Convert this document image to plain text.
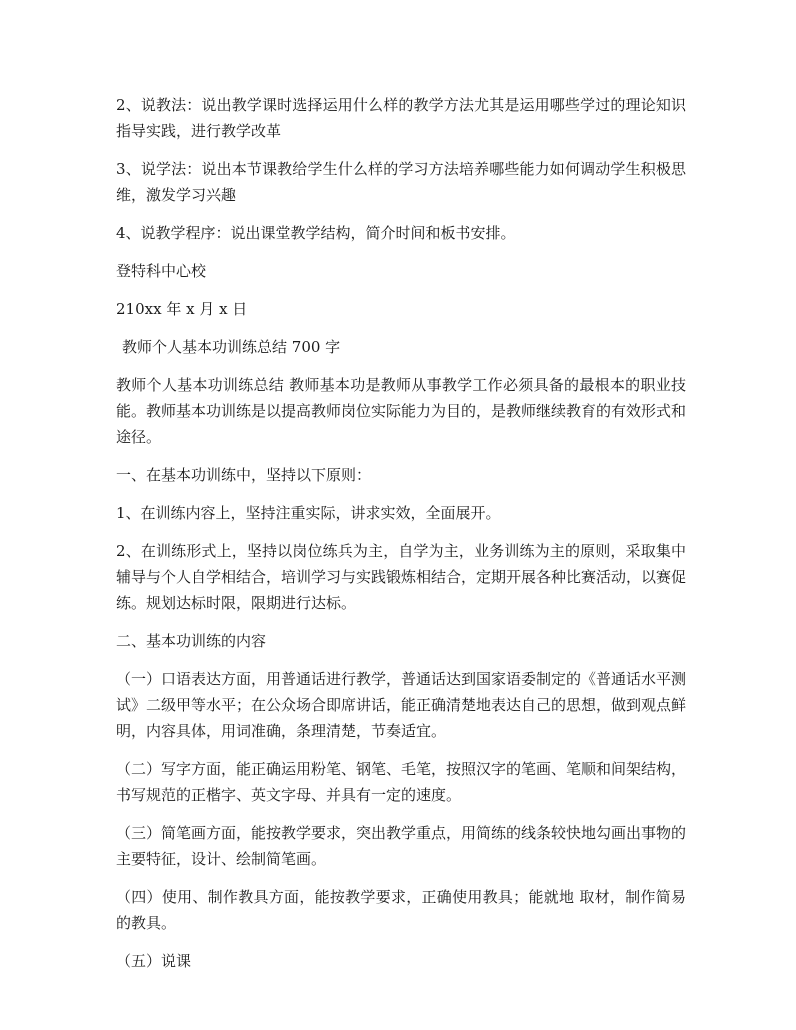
2、说教法：说出教学课时选择运用什么样的教学方法尤其是运用哪些学过的理论知识指导实践，进行教学改革

3、说学法：说出本节课教给学生什么样的学习方法培养哪些能力如何调动学生积极思维，激发学习兴趣

4、说教学程序：说出课堂教学结构，简介时间和板书安排。

登特科中心校

210xx 年 x 月 x 日

教师个人基本功训练总结 700 字

教师个人基本功训练总结 教师基本功是教师从事教学工作必须具备的最根本的职业技 能。教师基本功训练是以提高教师岗位实际能力为目的，是教师继续教育的有效形式和途径。

一、在基本功训练中，坚持以下原则：

1、在训练内容上，坚持注重实际，讲求实效，全面展开。

2、在训练形式上，坚持以岗位练兵为主，自学为主，业务训练为主的原则，采取集中辅导与个人自学相结合，培训学习与实践锻炼相结合，定期开展各种比赛活动，以赛促练。规划达标时限，限期进行达标。

二、基本功训练的内容

（一）口语表达方面，用普通话进行教学，普通话达到国家语委制定的《普通话水平测试》二级甲等水平；在公众场合即席讲话，能正确清楚地表达自己的思想，做到观点鲜明，内容具体，用词准确，条理清楚，节奏适宜。

（二）写字方面，能正确运用粉笔、钢笔、毛笔，按照汉字的笔画、笔顺和间架结构，书写规范的正楷字、英文字母、并具有一定的速度。

（三）简笔画方面，能按教学要求，突出教学重点，用简练的线条较快地勾画出事物的主要特征，设计、绘制简笔画。

（四）使用、制作教具方面，能按教学要求，正确使用教具；能就地 取材，制作简易的教具。

（五）说课
